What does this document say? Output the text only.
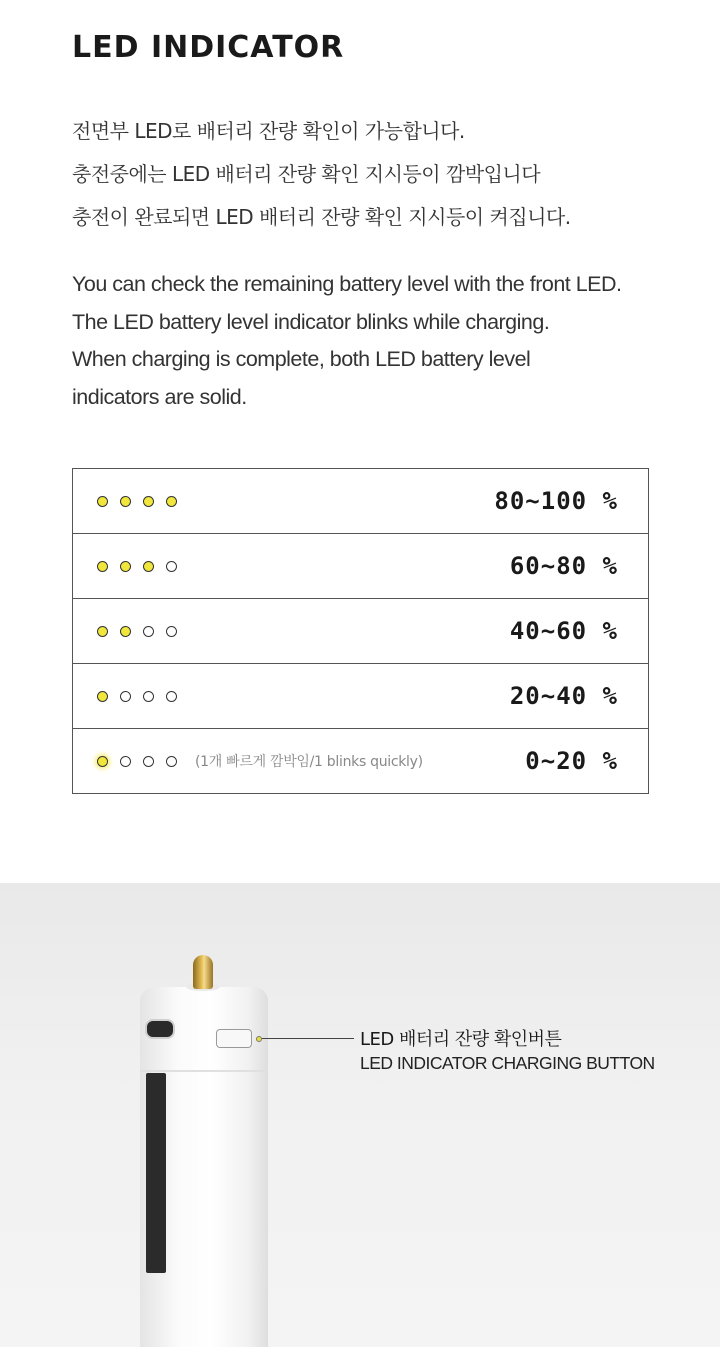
LED INDICATOR

전면부 LED로 배터리 잔량 확인이 가능합니다.
충전중에는 LED 배터리 잔량 확인 지시등이 깜박입니다
충전이 완료되면 LED 배터리 잔량 확인 지시등이 켜집니다.

You can check the remaining battery level with the front LED.
The LED battery level indicator blinks while charging.
When charging is complete, both LED battery level
indicators are solid.

80~100 %
60~80 %
40~60 %
20~40 %
(1개 빠르게 깜박임/1 blinks quickly)	0~20 %
LED 배터리 잔량 확인버튼
LED INDICATOR CHARGING BUTTON
